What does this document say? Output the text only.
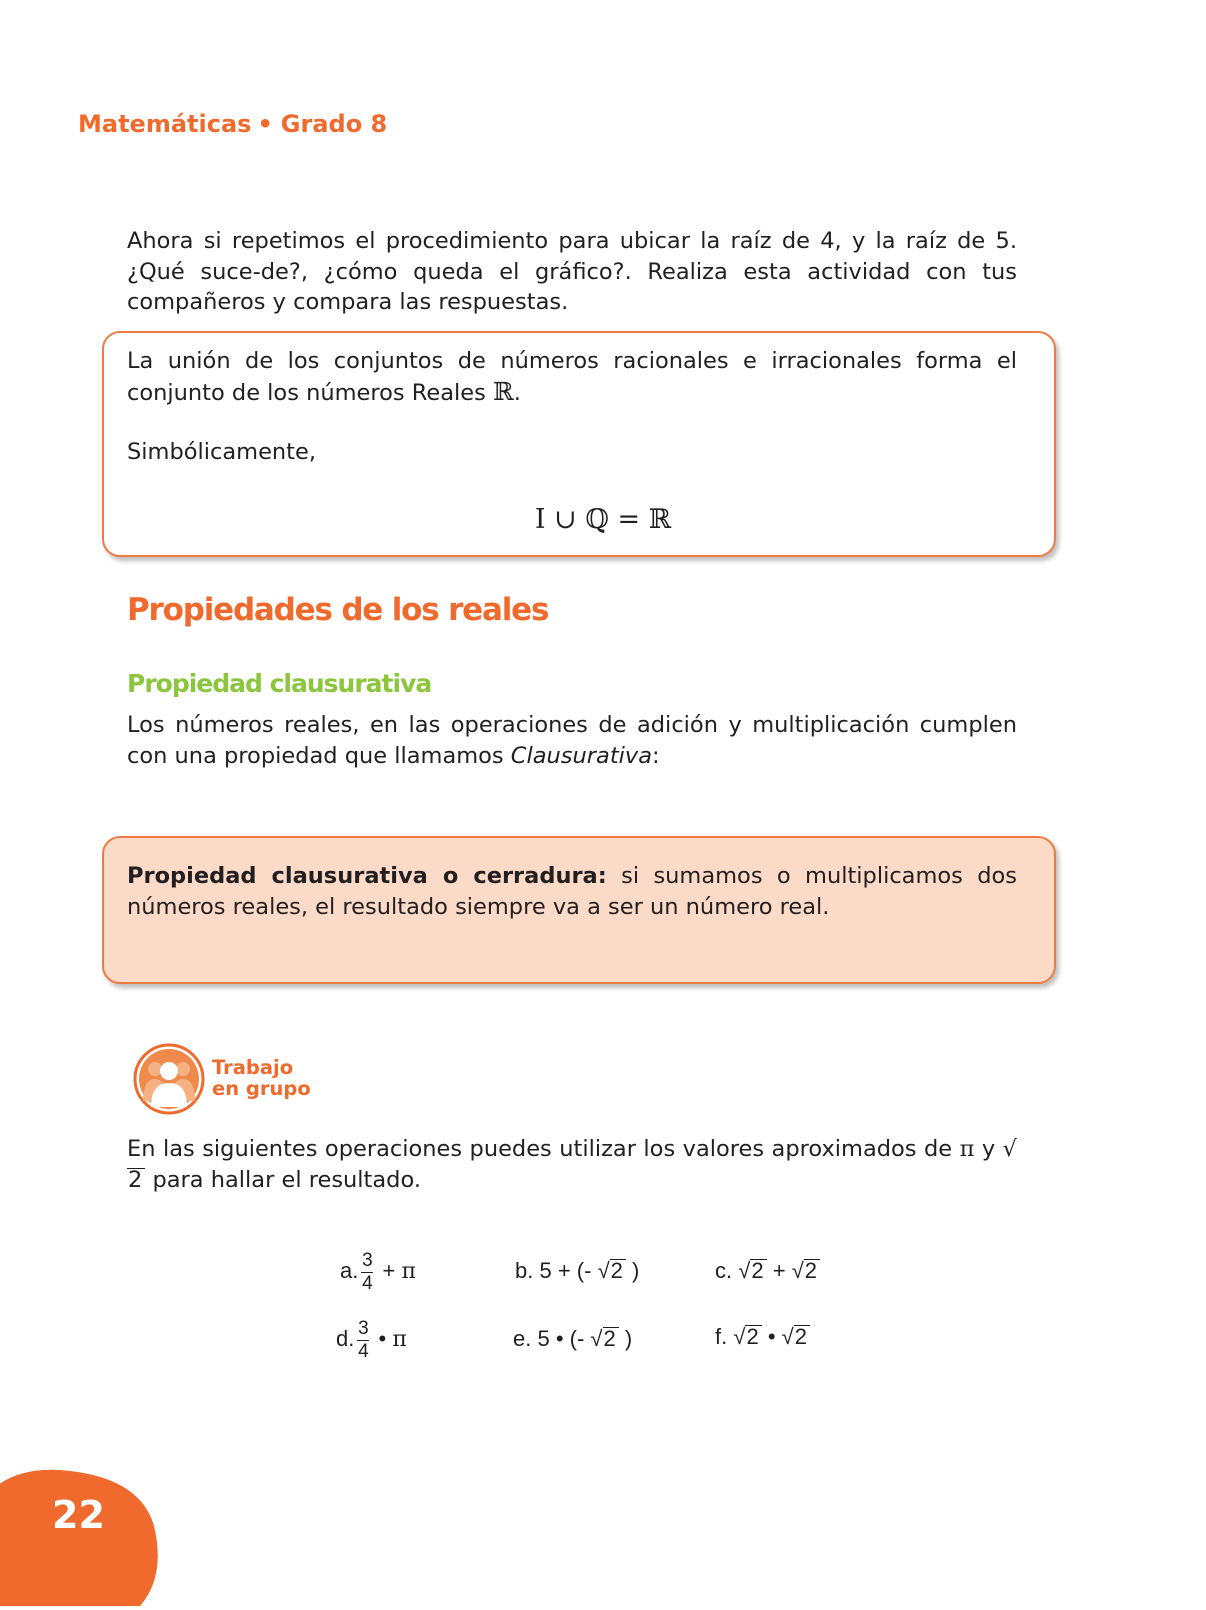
Matemáticas • Grado 8

Ahora si repetimos el procedimiento para ubicar la raíz de 4, y la raíz de 5. ¿Qué suce-de?, ¿cómo queda el gráfico?. Realiza esta actividad con tus compañeros y compara las respuestas.

La unión de los conjuntos de números racionales e irracionales forma el conjunto de los números Reales ℝ.

Simbólicamente,

I ∪ ℚ = ℝ
Propiedades de los reales
Propiedad clausurativa

Los números reales, en las operaciones de adición y multiplicación cumplen con una propiedad que llamamos Clausurativa:

Propiedad clausurativa o cerradura: si sumamos o multiplicamos dos números reales, el resultado siempre va a ser un número real.

Trabajo
en grupo

En las siguientes operaciones puedes utilizar los valores aproximados de π y √2 para hallar el resultado.

a. $\frac{3}{4} + \pi$	b. 5 + (- √2 )	c. √2 + √2
d. $\frac{3}{4}$ • π	e. 5 • (- √2 )	f. √2 • √2
22
